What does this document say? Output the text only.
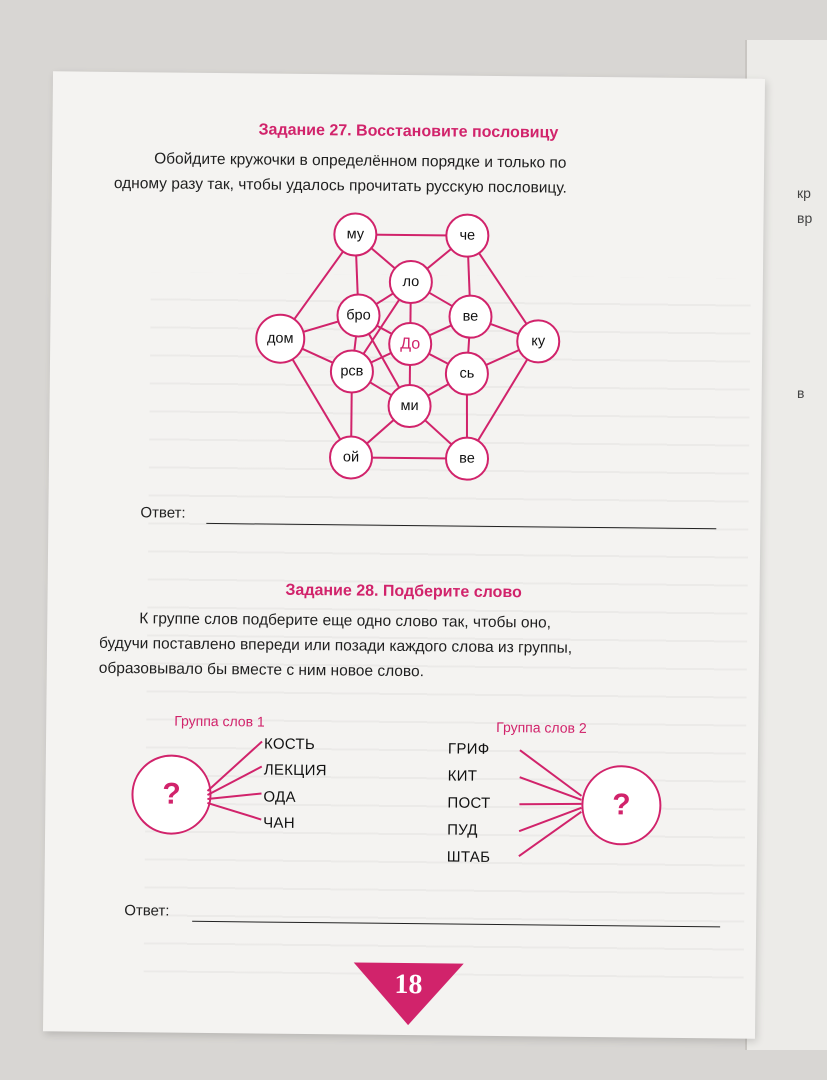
кр
вр
в
Задание 27. Восстановите пословицу
Обойдите кружочки в определённом порядке и только по
одному разу так, чтобы удалось прочитать русскую пословицу.
му	че
ло
бро	ве
дом	До	ку
рсв	сь
ми
ой	ве
Ответ:
Задание 28. Подберите слово
К группе слов подберите еще одно слово так, чтобы оно,
будучи поставлено впереди или позади каждого слова из группы,
образовывало бы вместе с ним новое слово.
Группа слов 1
?
КОСТЬ
ЛЕКЦИЯ
ОДА
ЧАН
Группа слов 2
ГРИФ
КИТ
ПОСТ
ПУД
ШТАБ
?
Ответ:
18
